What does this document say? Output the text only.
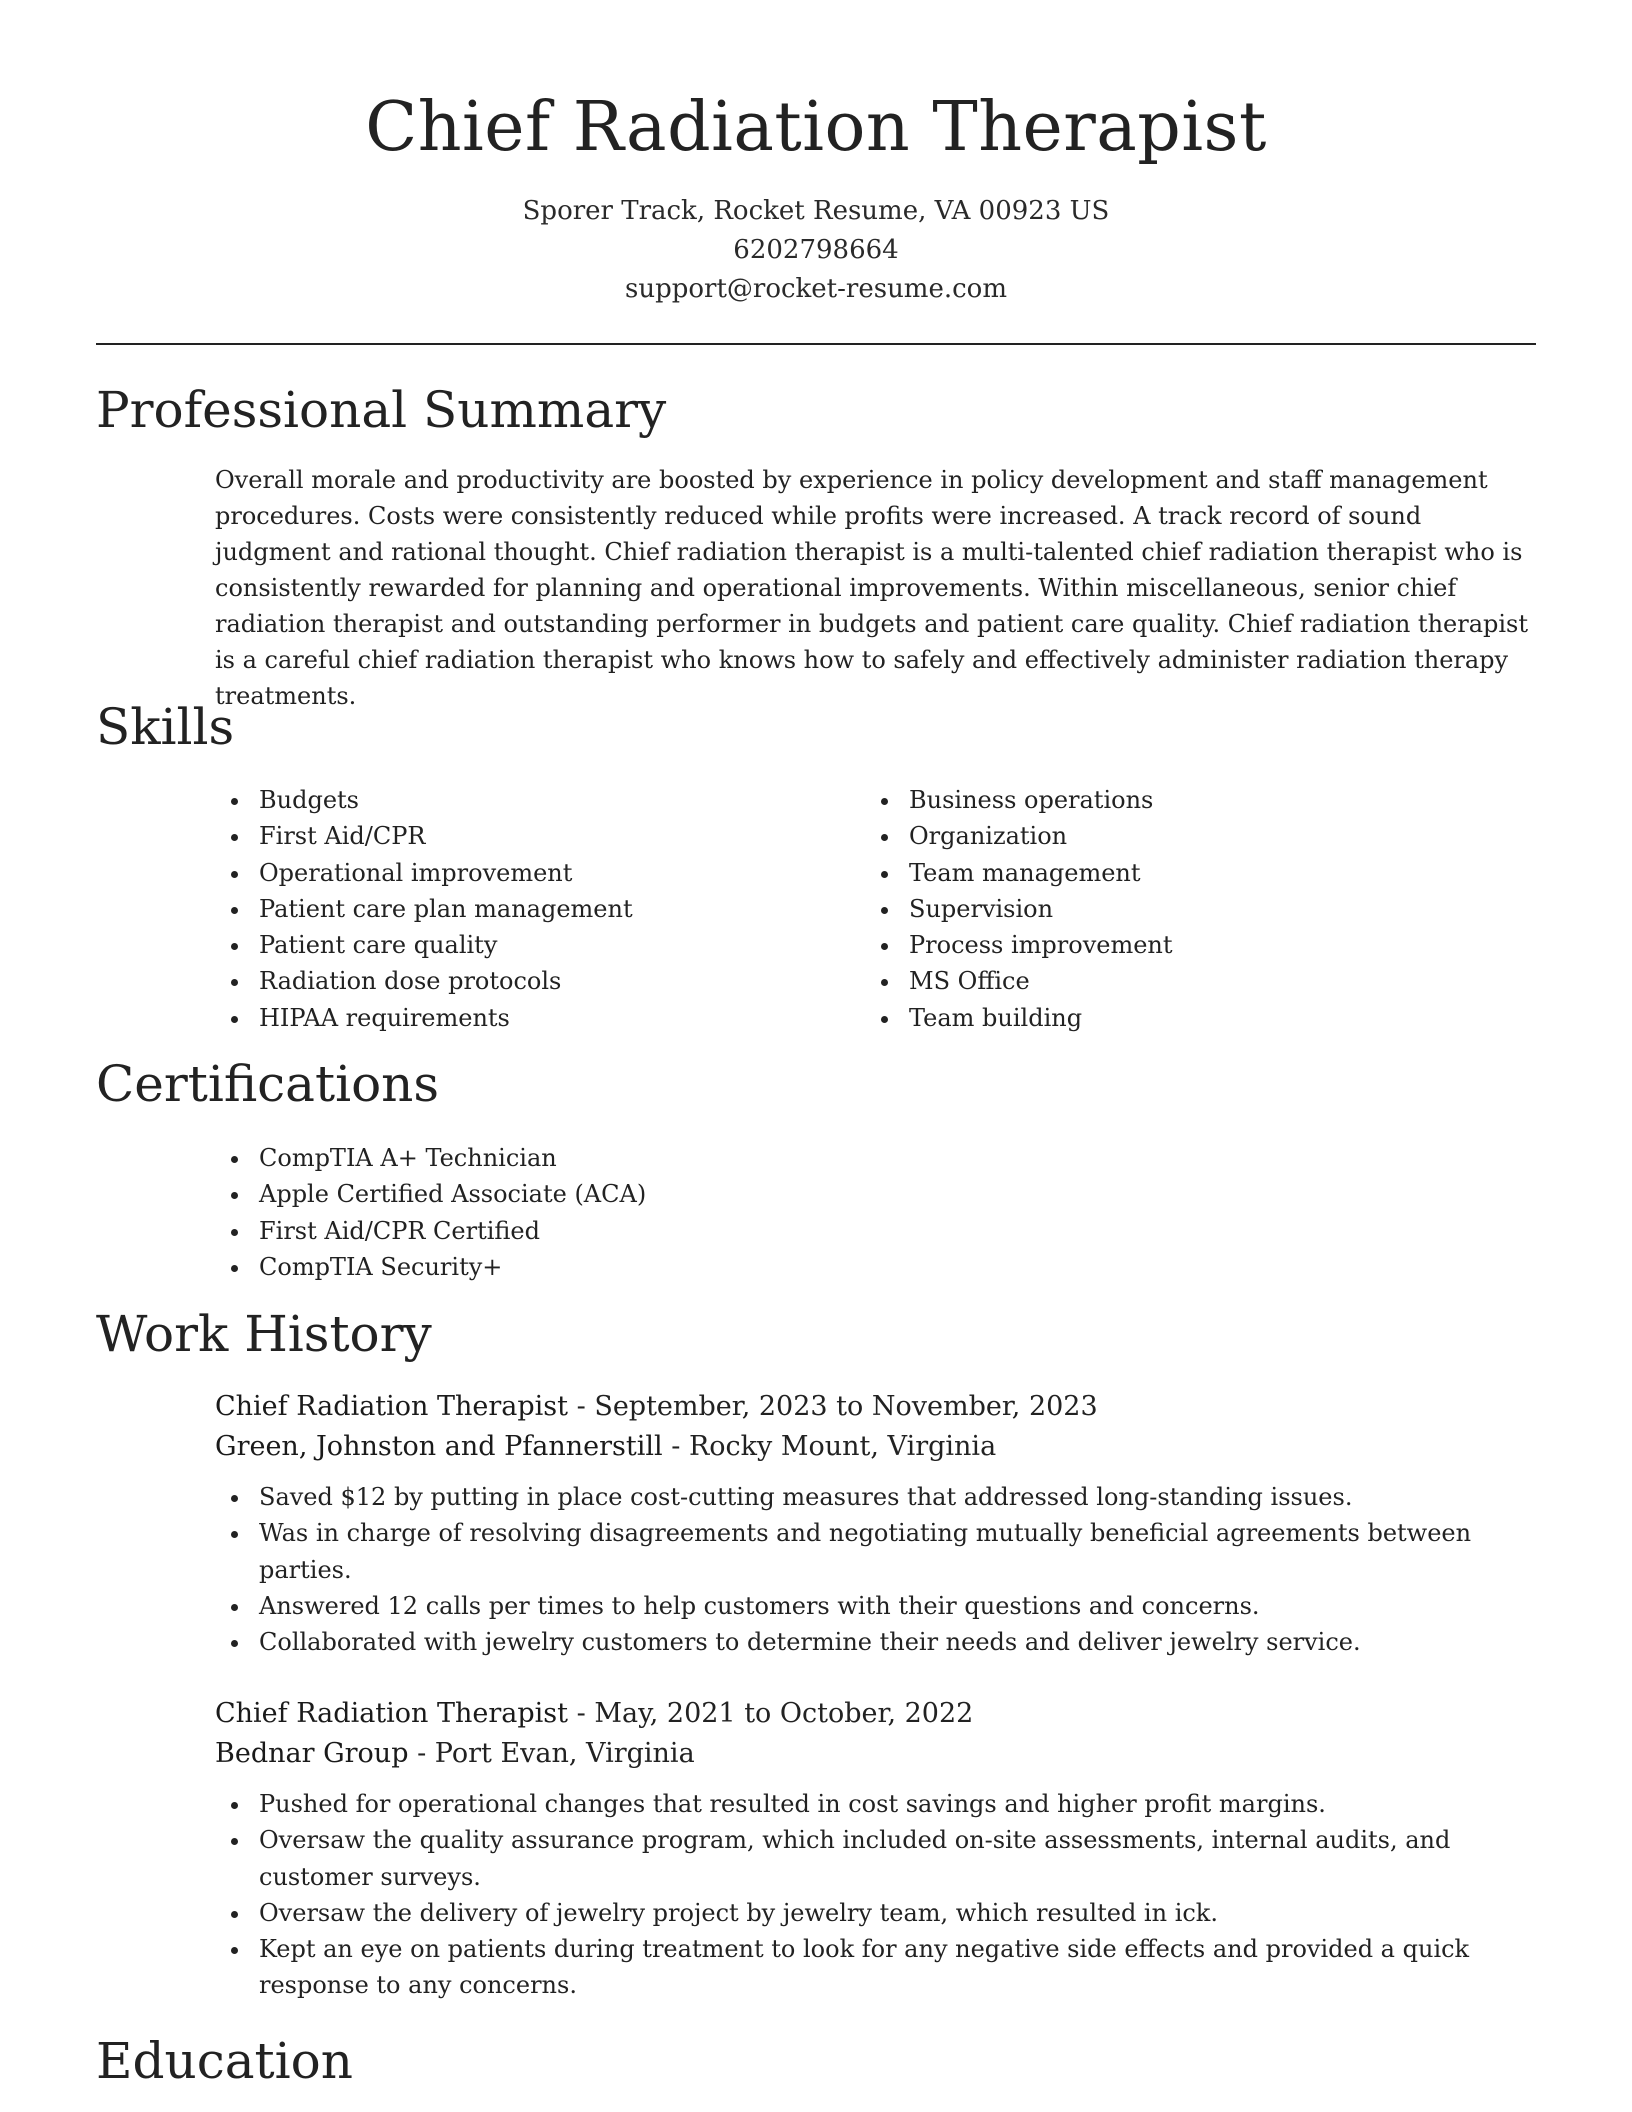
Chief Radiation Therapist
Sporer Track, Rocket Resume, VA 00923 US
6202798664
support@rocket-resume.com
Professional Summary

Overall morale and productivity are boosted by experience in policy development and staff management procedures. Costs were consistently reduced while profits were increased. A track record of sound judgment and rational thought. Chief radiation therapist is a multi-talented chief radiation therapist who is consistently rewarded for planning and operational improvements. Within miscellaneous, senior chief radiation therapist and outstanding performer in budgets and patient care quality. Chief radiation therapist is a careful chief radiation therapist who knows how to safely and effectively administer radiation therapy treatments.

Skills
Budgets
First Aid/CPR
Operational improvement
Patient care plan management
Patient care quality
Radiation dose protocols
HIPAA requirements
Business operations
Organization
Team management
Supervision
Process improvement
MS Office
Team building
Certifications
CompTIA A+ Technician
Apple Certified Associate (ACA)
First Aid/CPR Certified
CompTIA Security+
Work History
Chief Radiation Therapist - September, 2023 to November, 2023
Green, Johnston and Pfannerstill - Rocky Mount, Virginia
Saved $12 by putting in place cost-cutting measures that addressed long-standing issues.
Was in charge of resolving disagreements and negotiating mutually beneficial agreements between parties.
Answered 12 calls per times to help customers with their questions and concerns.
Collaborated with jewelry customers to determine their needs and deliver jewelry service.
Chief Radiation Therapist - May, 2021 to October, 2022
Bednar Group - Port Evan, Virginia
Pushed for operational changes that resulted in cost savings and higher profit margins.
Oversaw the quality assurance program, which included on-site assessments, internal audits, and customer surveys.
Oversaw the delivery of jewelry project by jewelry team, which resulted in ick.
Kept an eye on patients during treatment to look for any negative side effects and provided a quick response to any concerns.
Education
